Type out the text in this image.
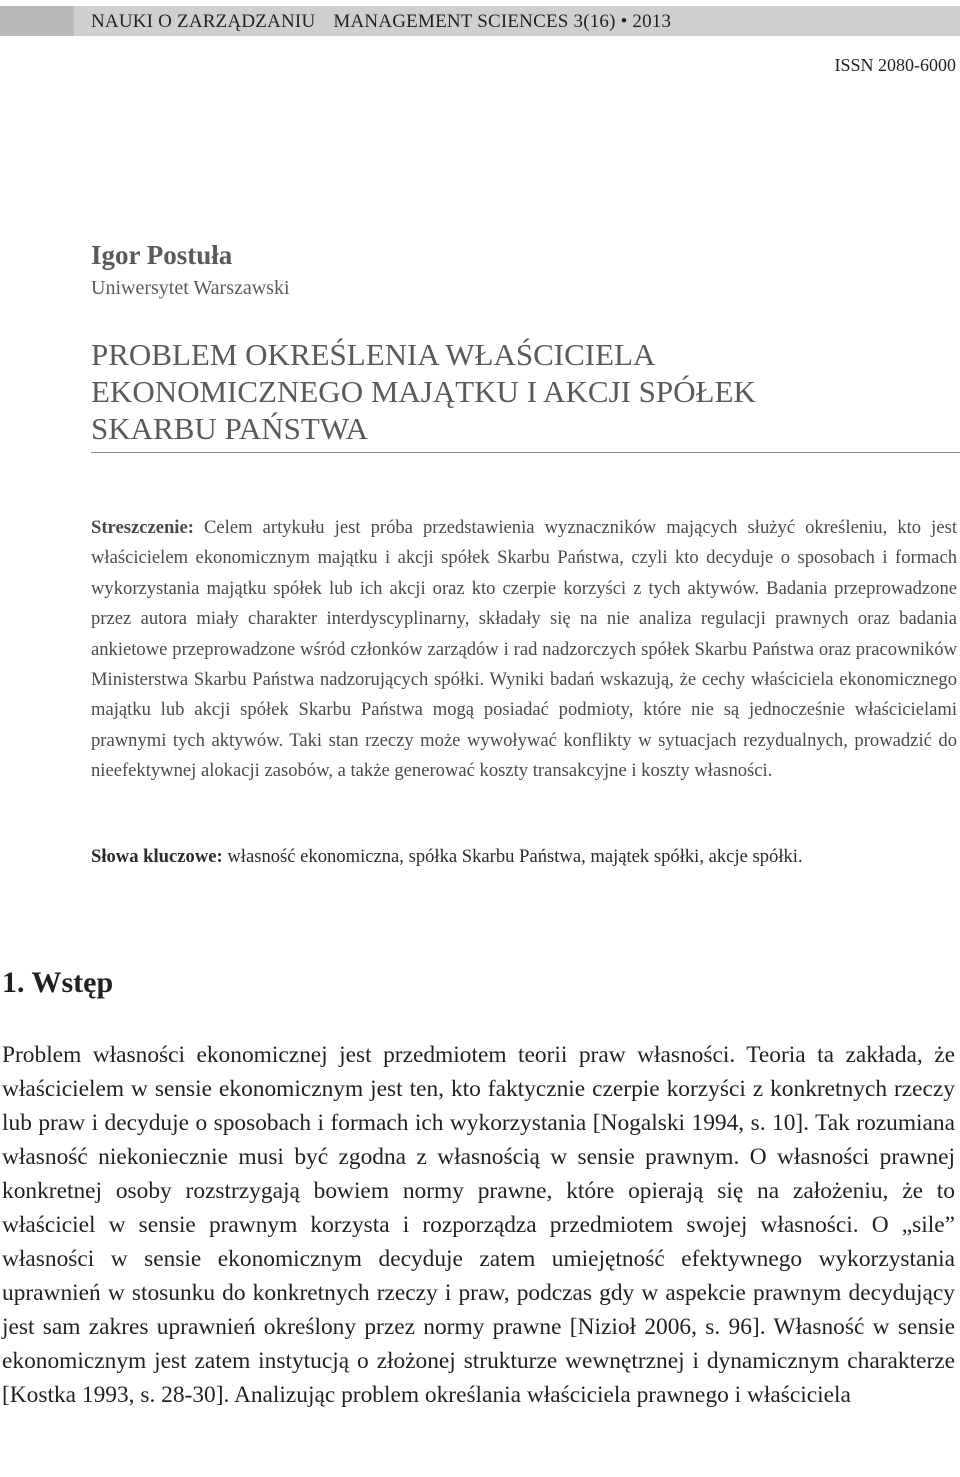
NAUKI O ZARZĄDZANIU MANAGEMENT SCIENCES 3(16) • 2013
ISSN 2080-6000
Igor Postuła
Uniwersytet Warszawski
PROBLEM OKREŚLENIA WŁAŚCICIELA
EKONOMICZNEGO MAJĄTKU I AKCJI SPÓŁEK
SKARBU PAŃSTWA
Streszczenie: Celem artykułu jest próba przedstawienia wyznaczników mających służyć określeniu, kto jest właścicielem ekonomicznym majątku i akcji spółek Skarbu Państwa, czyli kto decyduje o sposobach i formach wykorzystania majątku spółek lub ich akcji oraz kto czerpie korzyści z tych aktywów. Badania przeprowadzone przez autora miały charakter interdyscyplinarny, składały się na nie analiza regulacji prawnych oraz badania ankietowe przeprowadzone wśród członków zarządów i rad nadzorczych spółek Skarbu Państwa oraz pracowników Ministerstwa Skarbu Państwa nadzorujących spółki. Wyniki badań wskazują, że cechy właściciela ekonomicznego majątku lub akcji spółek Skarbu Państwa mogą posiadać podmioty, które nie są jednocześnie właścicielami prawnymi tych aktywów. Taki stan rzeczy może wywoływać konflikty w sytuacjach rezydualnych, prowadzić do nieefektywnej alokacji zasobów, a także generować koszty transakcyjne i koszty własności.
Słowa kluczowe: własność ekonomiczna, spółka Skarbu Państwa, majątek spółki, akcje spółki.
1. Wstęp

Problem własności ekonomicznej jest przedmiotem teorii praw własności. Teoria ta zakłada, że właścicielem w sensie ekonomicznym jest ten, kto faktycznie czerpie korzyści z konkretnych rzeczy lub praw i decyduje o sposobach i formach ich wykorzystania [Nogalski 1994, s. 10]. Tak rozumiana własność niekoniecznie musi być zgodna z własnością w sensie prawnym. O własności prawnej konkretnej osoby rozstrzygają bowiem normy prawne, które opierają się na założeniu, że to właściciel w sensie prawnym korzysta i rozporządza przedmiotem swojej własności. O „sile” własności w sensie ekonomicznym decyduje zatem umiejętność efektywnego wykorzystania uprawnień w stosunku do konkretnych rzeczy i praw, podczas gdy w aspekcie prawnym decydujący jest sam zakres uprawnień określony przez normy prawne [Nizioł 2006, s. 96]. Własność w sensie ekonomicznym jest zatem instytucją o złożonej strukturze wewnętrznej i dynamicznym charakterze [Kostka 1993, s. 28-30]. Analizując problem określania właściciela prawnego i właściciela
